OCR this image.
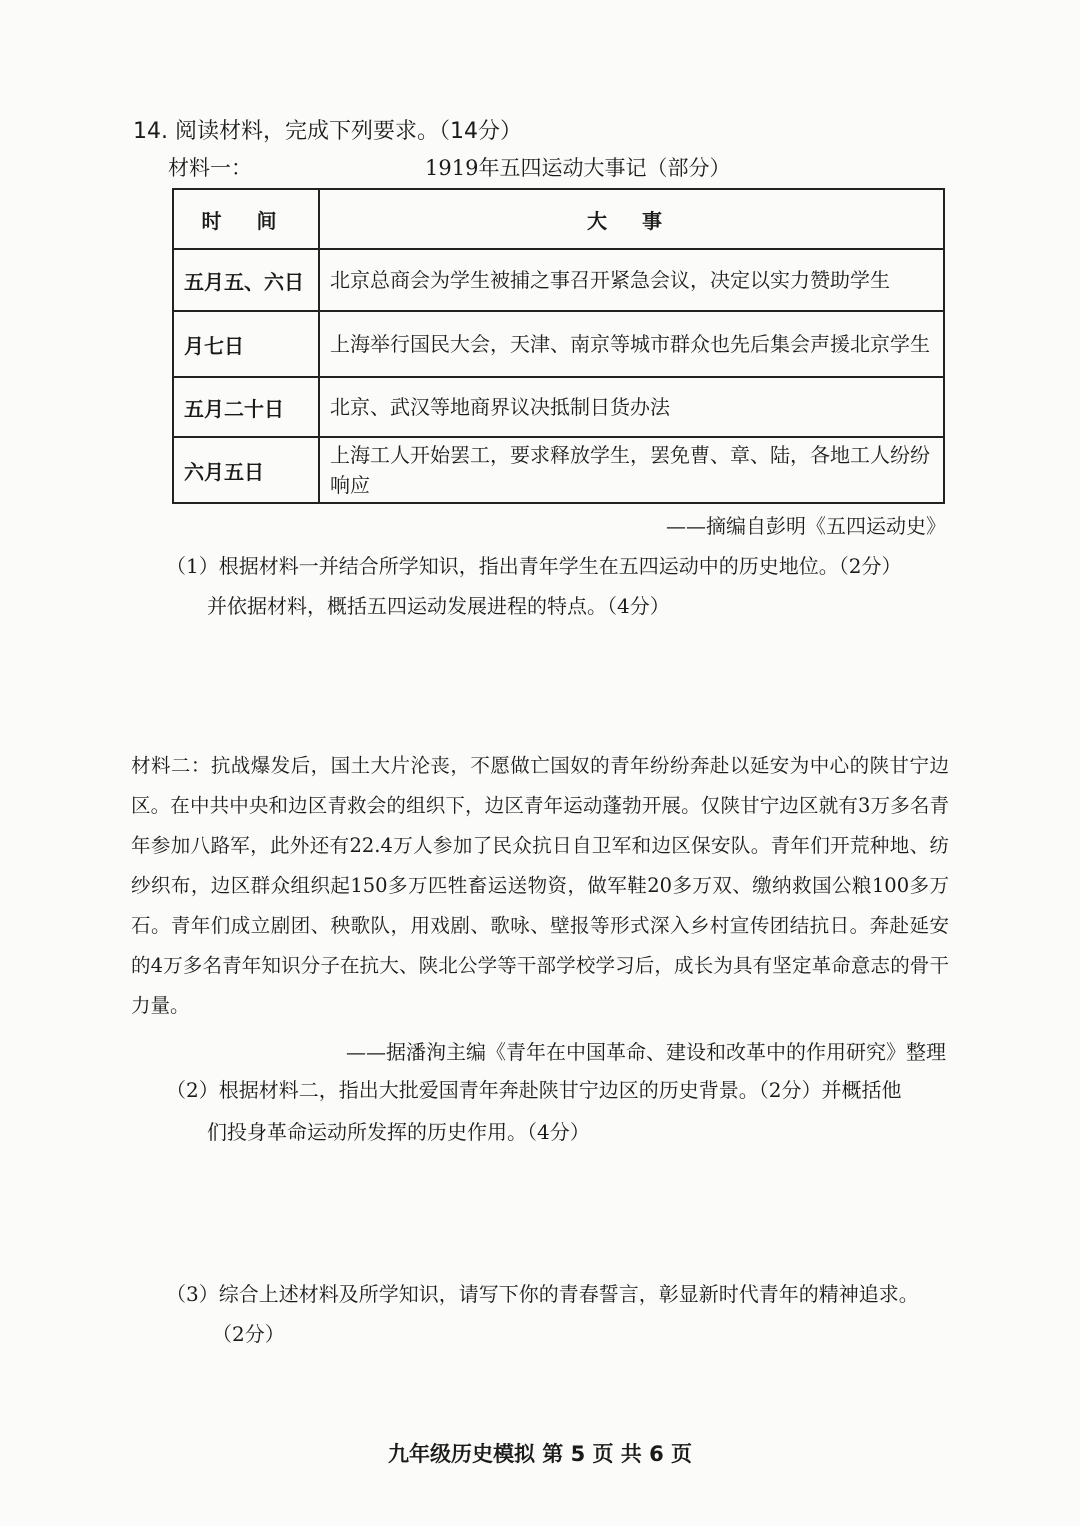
14. 阅读材料，完成下列要求。（14分）
材料一：	1919年五四运动大事记（部分）
时 间	大 事
五月五、六日	北京总商会为学生被捕之事召开紧急会议，决定以实力赞助学生
月七日	上海举行国民大会，天津、南京等城市群众也先后集会声援北京学生
五月二十日	北京、武汉等地商界议决抵制日货办法
六月五日	上海工人开始罢工，要求释放学生，罢免曹、章、陆，各地工人纷纷响应
——摘编自彭明《五四运动史》
（1）根据材料一并结合所学知识，指出青年学生在五四运动中的历史地位。（2分）
并依据材料，概括五四运动发展进程的特点。（4分）
材料二：抗战爆发后，国土大片沦丧，不愿做亡国奴的青年纷纷奔赴以延安为中心的陕甘宁边区。在中共中央和边区青救会的组织下，边区青年运动蓬勃开展。仅陕甘宁边区就有3万多名青年参加八路军，此外还有22.4万人参加了民众抗日自卫军和边区保安队。青年们开荒种地、纺纱织布，边区群众组织起150多万匹牲畜运送物资，做军鞋20多万双、缴纳救国公粮100多万石。青年们成立剧团、秧歌队，用戏剧、歌咏、壁报等形式深入乡村宣传团结抗日。奔赴延安的4万多名青年知识分子在抗大、陕北公学等干部学校学习后，成长为具有坚定革命意志的骨干力量。
——据潘洵主编《青年在中国革命、建设和改革中的作用研究》整理
（2）根据材料二，指出大批爱国青年奔赴陕甘宁边区的历史背景。（2分）并概括他
们投身革命运动所发挥的历史作用。（4分）
（3）综合上述材料及所学知识，请写下你的青春誓言，彰显新时代青年的精神追求。
（2分）
九年级历史模拟 第 5 页 共 6 页
